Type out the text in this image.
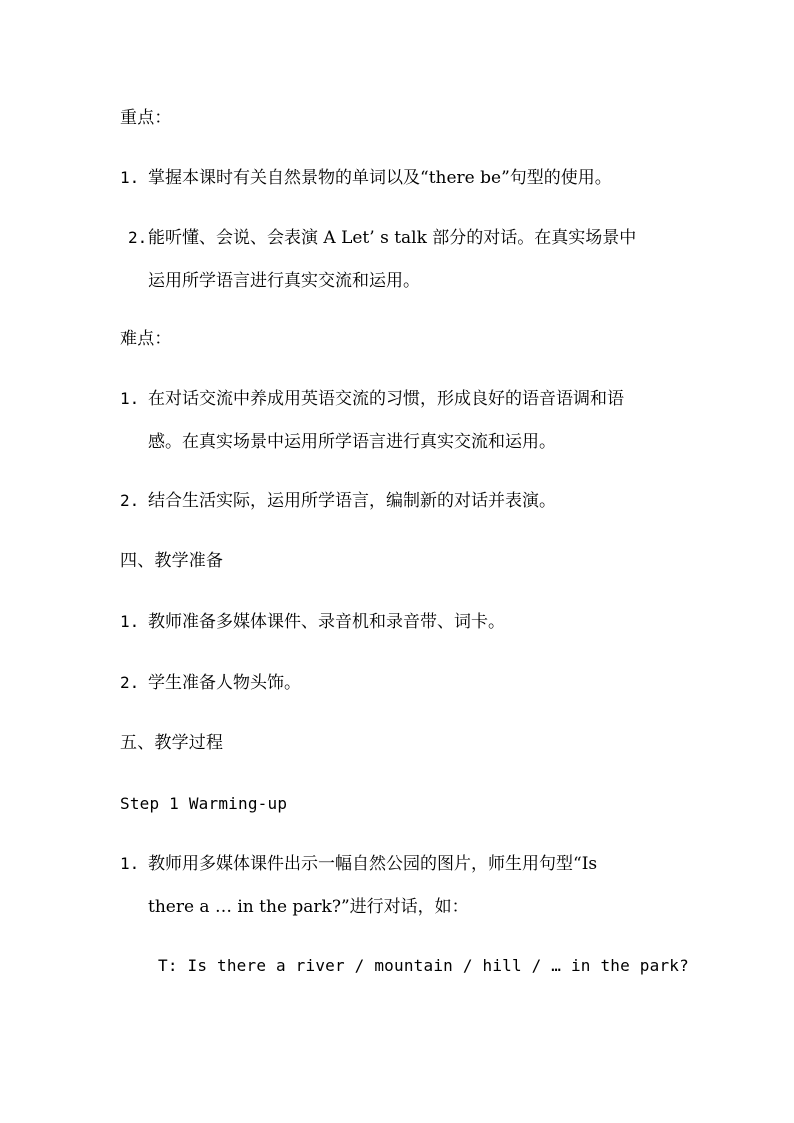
重点：
1. 掌握本课时有关自然景物的单词以及“there be”句型的使用。
2. 能听懂、会说、会表演 A Let’ s talk 部分的对话。在真实场景中
运用所学语言进行真实交流和运用。
难点：
1. 在对话交流中养成用英语交流的习惯，形成良好的语音语调和语
感。在真实场景中运用所学语言进行真实交流和运用。
2. 结合生活实际，运用所学语言，编制新的对话并表演。
四、教学准备
1. 教师准备多媒体课件、录音机和录音带、词卡。
2. 学生准备人物头饰。
五、教学过程
Step 1 Warming-up
1. 教师用多媒体课件出示一幅自然公园的图片，师生用句型“Is
there a … in the park?”进行对话，如：
T: Is there a river / mountain / hill / … in the park?
